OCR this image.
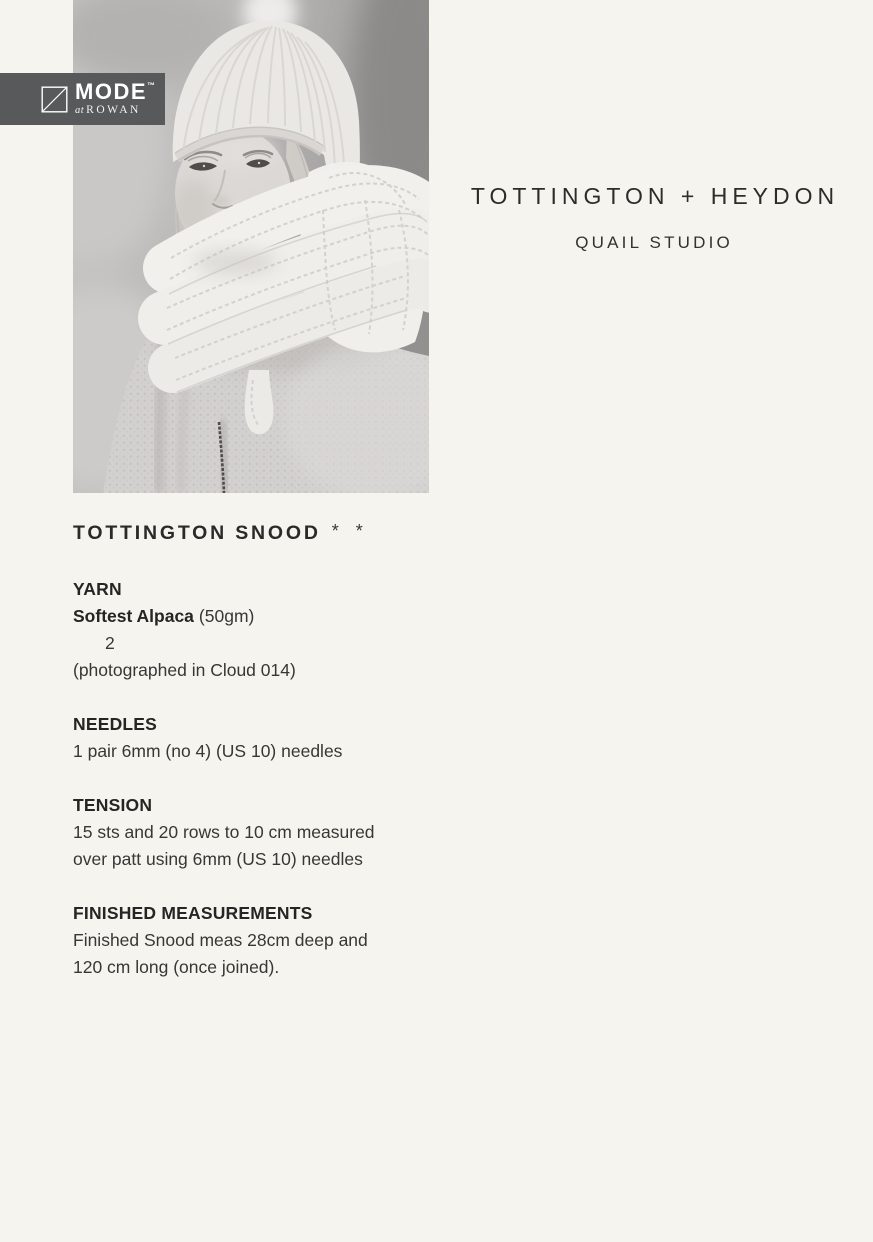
MODE™
at ROWAN
TOTTINGTON + HEYDON
QUAIL STUDIO
TOTTINGTON SNOOD * *

YARN

Softest Alpaca (50gm)

2

(photographed in Cloud 014)

NEEDLES

1 pair 6mm (no 4) (US 10) needles

TENSION

15 sts and 20 rows to 10 cm measured

over patt using 6mm (US 10) needles

FINISHED MEASUREMENTS

Finished Snood meas 28cm deep and

120 cm long (once joined).
